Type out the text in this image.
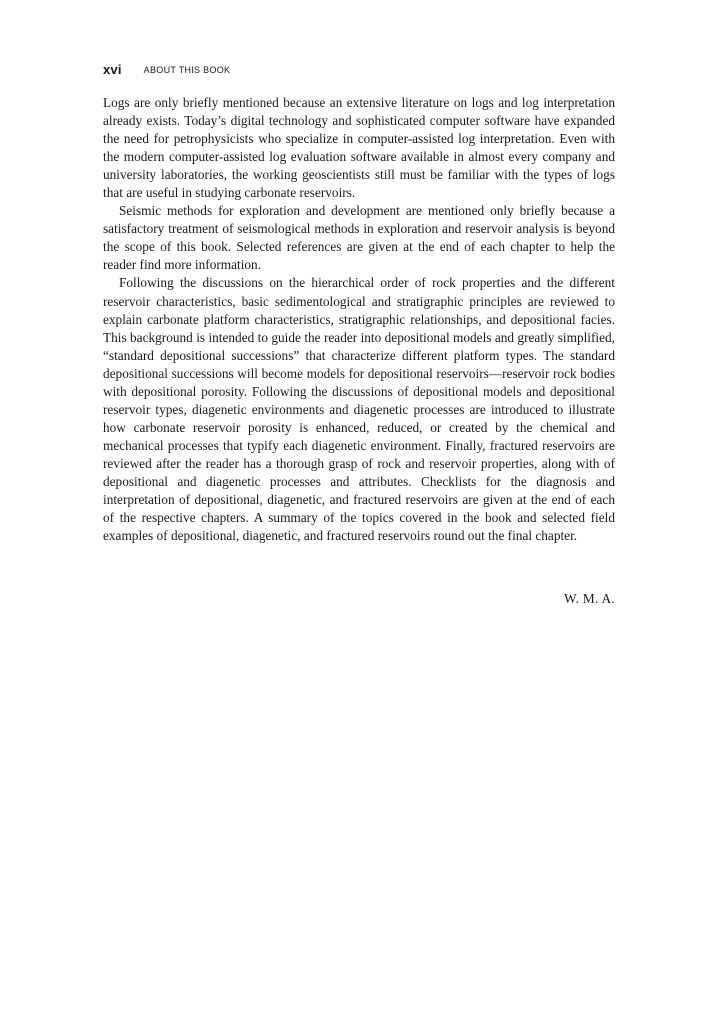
xvi ABOUT THIS BOOK

Logs are only briefly mentioned because an extensive literature on logs and log interpretation already exists. Today’s digital technology and sophisticated computer software have expanded the need for petrophysicists who specialize in computer-assisted log interpretation. Even with the modern computer-assisted log evaluation software available in almost every company and university laboratories, the working geoscientists still must be familiar with the types of logs that are useful in studying carbonate reservoirs.

Seismic methods for exploration and development are mentioned only briefly because a satisfactory treatment of seismological methods in exploration and reservoir analysis is beyond the scope of this book. Selected references are given at the end of each chapter to help the reader find more information.

Following the discussions on the hierarchical order of rock properties and the different reservoir characteristics, basic sedimentological and stratigraphic principles are reviewed to explain carbonate platform characteristics, stratigraphic relationships, and depositional facies. This background is intended to guide the reader into depositional models and greatly simplified, “standard depositional successions” that characterize different platform types. The standard depositional successions will become models for depositional reservoirs—reservoir rock bodies with depositional porosity. Following the discussions of depositional models and depositional reservoir types, diagenetic environments and diagenetic processes are introduced to illustrate how carbonate reservoir porosity is enhanced, reduced, or created by the chemical and mechanical processes that typify each diagenetic environment. Finally, fractured reservoirs are reviewed after the reader has a thorough grasp of rock and reservoir properties, along with of depositional and diagenetic processes and attributes. Checklists for the diagnosis and interpretation of depositional, diagenetic, and fractured reservoirs are given at the end of each of the respective chapters. A summary of the topics covered in the book and selected field examples of depositional, diagenetic, and fractured reservoirs round out the final chapter.

W. M. A.
